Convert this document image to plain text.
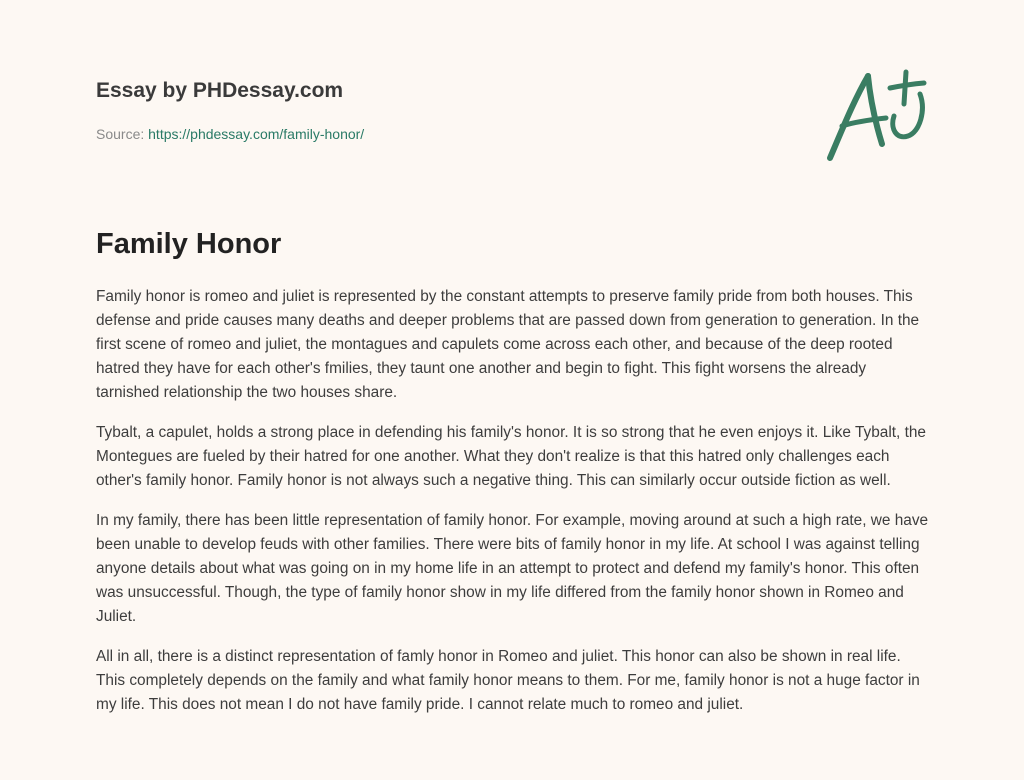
Essay by PHDessay.com
Source: https://phdessay.com/family-honor/
Family Honor

Family honor is romeo and juliet is represented by the constant attempts to preserve family pride from both houses. This defense and pride causes many deaths and deeper problems that are passed down from generation to generation. In the first scene of romeo and juliet, the montagues and capulets come across each other, and because of the deep rooted hatred they have for each other's fmilies, they taunt one another and begin to fight. This fight worsens the already tarnished relationship the two houses share.

Tybalt, a capulet, holds a strong place in defending his family's honor. It is so strong that he even enjoys it. Like Tybalt, the Montegues are fueled by their hatred for one another. What they don't realize is that this hatred only challenges each other's family honor. Family honor is not always such a negative thing. This can similarly occur outside fiction as well.

In my family, there has been little representation of family honor. For example, moving around at such a high rate, we have been unable to develop feuds with other families. There were bits of family honor in my life. At school I was against telling anyone details about what was going on in my home life in an attempt to protect and defend my family's honor. This often was unsuccessful. Though, the type of family honor show in my life differed from the family honor shown in Romeo and Juliet.

All in all, there is a distinct representation of famly honor in Romeo and juliet. This honor can also be shown in real life. This completely depends on the family and what family honor means to them. For me, family honor is not a huge factor in my life. This does not mean I do not have family pride. I cannot relate much to romeo and juliet.
